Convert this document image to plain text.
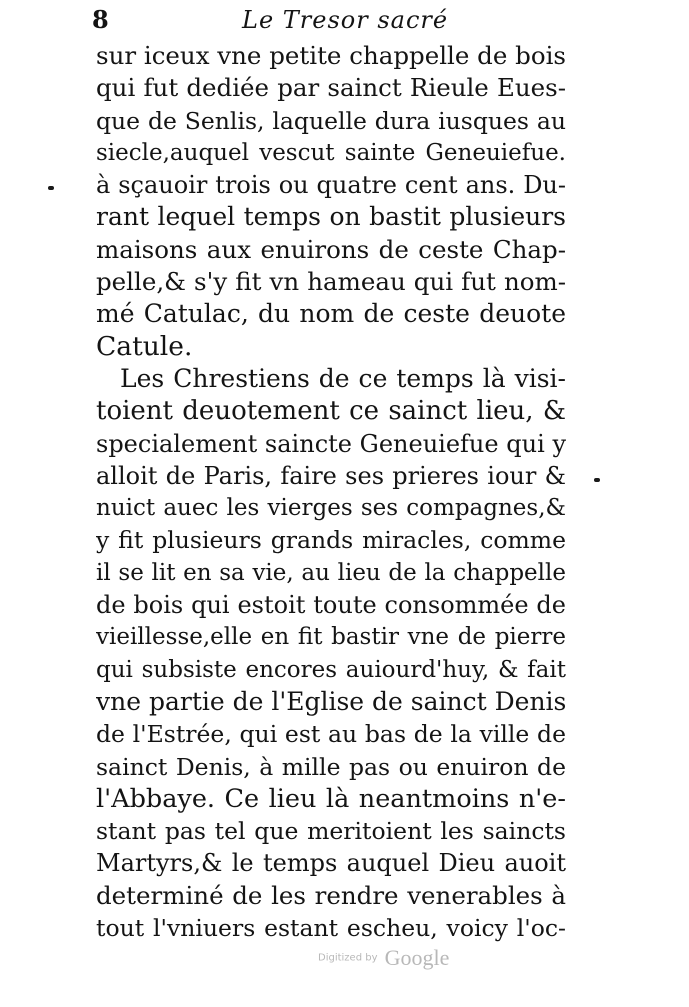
8	Le Tresor sacré
sur iceux vne petite chappelle de bois
qui fut dediée par sainct Rieule Eues-
que de Senlis, laquelle dura iusques au
siecle,auquel vescut sainte Geneuiefue.
à sçauoir trois ou quatre cent ans. Du-
rant lequel temps on bastit plusieurs
maisons aux enuirons de ceste Chap-
pelle,& s'y fit vn hameau qui fut nom-
mé Catulac, du nom de ceste deuote
Catule.
Les Chrestiens de ce temps là visi-
toient deuotement ce sainct lieu, &
specialement saincte Geneuiefue qui y
alloit de Paris, faire ses prieres iour &
nuict auec les vierges ses compagnes,&
y fit plusieurs grands miracles, comme
il se lit en sa vie, au lieu de la chappelle
de bois qui estoit toute consommée de
vieillesse,elle en fit bastir vne de pierre
qui subsiste encores auiourd'huy, & fait
vne partie de l'Eglise de sainct Denis
de l'Estrée, qui est au bas de la ville de
sainct Denis, à mille pas ou enuiron de
l'Abbaye. Ce lieu là neantmoins n'e-
stant pas tel que meritoient les saincts
Martyrs,& le temps auquel Dieu auoit
determiné de les rendre venerables à
tout l'vniuers estant escheu, voicy l'oc-
Digitized by Google
